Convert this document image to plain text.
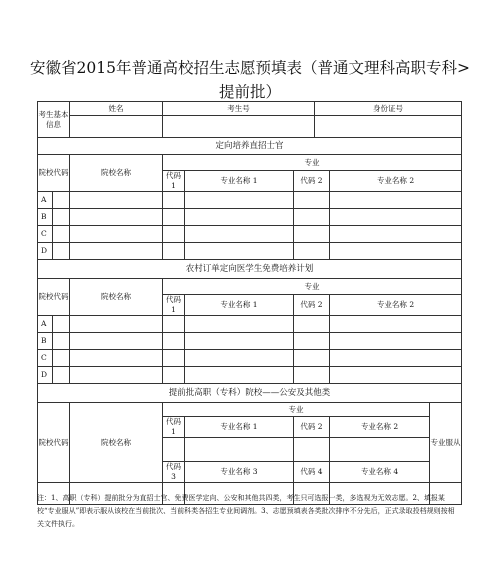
安徽省2015年普通高校招生志愿预填表（普通文理科高职专科>提前批）
考生基本信息		姓名	考生号			身份证号		

定向培养直招士官								
院校代码		院校名称	专业					
			代码 1	专业名称 1	代码 2		专业名称 2	
A								
B								
C								
D								
农村订单定向医学生免费培养计划								
院校代码		院校名称	专业					
			代码 1	专业名称 1	代码 2		专业名称 2	
A								
B								
C								
D								
提前批高职（专科）院校——公安及其他类								
院校代码		院校名称	专业					专业服从
			代码 1	专业名称 1	代码 2		专业名称 2	

			代码 3	专业名称 3	代码 4		专业名称 4	

注：1、高职（专科）提前批分为直招士官、免费医学定向、公安和其他共四类，考生只可选报一类，多选视为无效志愿。2、填报某校“专业服从”即表示服从该校在当前批次、当前科类各招生专业间调剂。3、志愿预填表各类批次排序不分先后，正式录取投档规则按相关文件执行。
